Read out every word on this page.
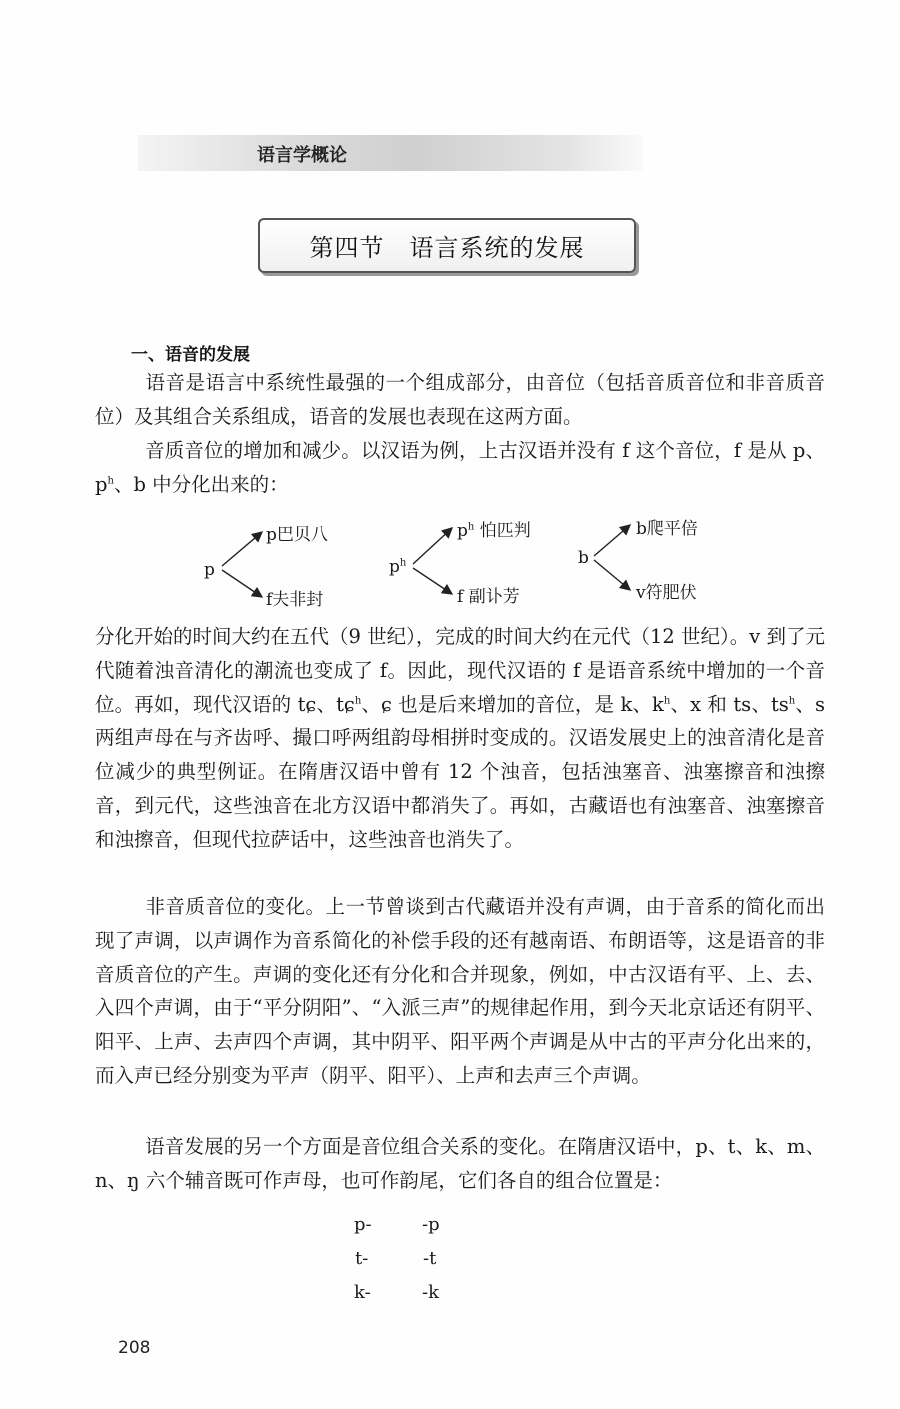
语言学概论
第四节　语言系统的发展
一、语音的发展

语音是语言中系统性最强的一个组成部分，由音位（包括音质音位和非音质音位）及其组合关系组成，语音的发展也表现在这两方面。

音质音位的增加和减少。以汉语为例，上古汉语并没有 f 这个音位，f 是从 p、$p^h$、b 中分化出来的：

p
p巴贝八
f夫非封
$p^h$
$p^h$ 怕匹判
f 副讣芳
b
b爬平倍
v符肥伏

分化开始的时间大约在五代（9 世纪），完成的时间大约在元代（12 世纪）。v 到了元代随着浊音清化的潮流也变成了 f。因此，现代汉语的 f 是语音系统中增加的一个音位。再如，现代汉语的 tɕ、tɕ$^h$、ɕ 也是后来增加的音位，是 k、$k^h$、x 和 ts、$ts^h$、s 两组声母在与齐齿呼、撮口呼两组韵母相拼时变成的。汉语发展史上的浊音清化是音位减少的典型例证。在隋唐汉语中曾有 12 个浊音，包括浊塞音、浊塞擦音和浊擦音，到元代，这些浊音在北方汉语中都消失了。再如，古藏语也有浊塞音、浊塞擦音和浊擦音，但现代拉萨话中，这些浊音也消失了。

非音质音位的变化。上一节曾谈到古代藏语并没有声调，由于音系的简化而出现了声调，以声调作为音系简化的补偿手段的还有越南语、布朗语等，这是语音的非音质音位的产生。声调的变化还有分化和合并现象，例如，中古汉语有平、上、去、入四个声调，由于“平分阴阳”、“入派三声”的规律起作用，到今天北京话还有阴平、阳平、上声、去声四个声调，其中阴平、阳平两个声调是从中古的平声分化出来的，而入声已经分别变为平声（阴平、阳平）、上声和去声三个声调。

语音发展的另一个方面是音位组合关系的变化。在隋唐汉语中，p、t、k、m、n、ŋ 六个辅音既可作声母，也可作韵尾，它们各自的组合位置是：

p-	-p
t-	-t
k-	-k
208
